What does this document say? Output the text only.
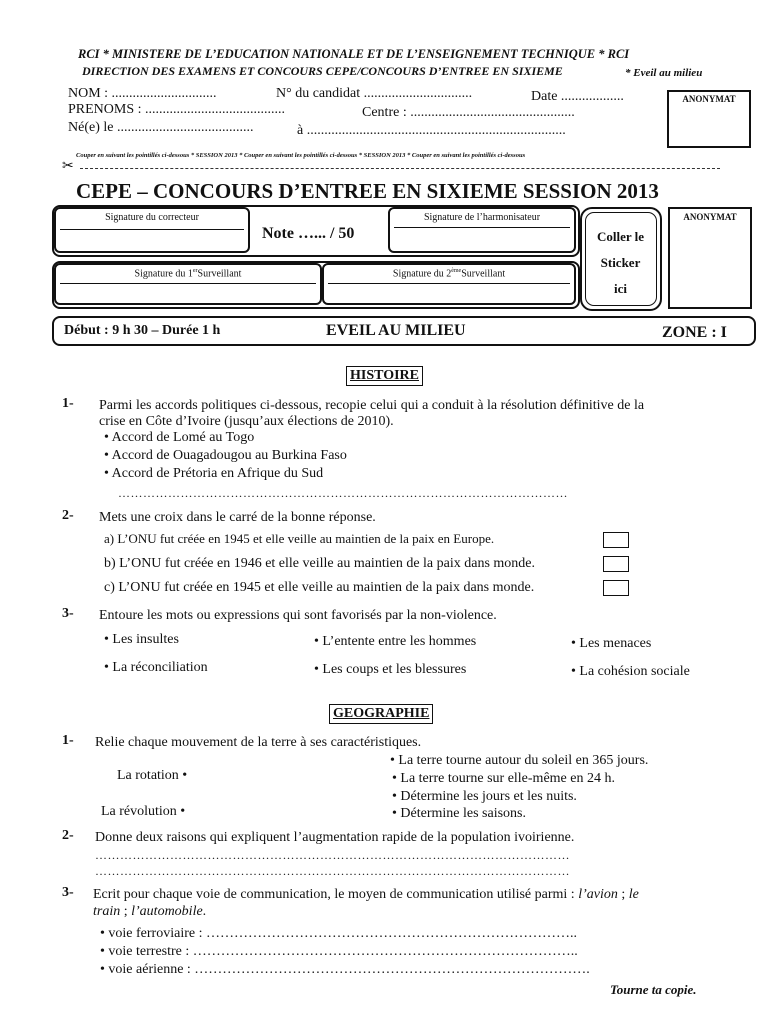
RCI * MINISTERE DE L’EDUCATION NATIONALE ET DE L’ENSEIGNEMENT TECHNIQUE * RCI
DIRECTION DES EXAMENS ET CONCOURS CEPE/CONCOURS D’ENTREE EN SIXIEME	* Eveil au milieu
NOM : ..............................	N° du candidat ...............................	Date ..................
PRENOMS : ........................................	Centre : ...............................................
Né(e) le .......................................	à ..........................................................................
ANONYMAT
Couper en suivant les pointillés ci-dessous * SESSION 2013 * Couper en suivant les pointillés ci-dessous * SESSION 2013 * Couper en suivant les pointillés ci-dessous
✂
CEPE – CONCOURS D’ENTREE EN SIXIEME SESSION 2013
Signature du correcteur
Note …... / 50
Signature de l’harmonisateur
Signature du 1erSurveillant	Signature du 2èmeSurveillant
Coller le
Sticker
ici
ANONYMAT
Début : 9 h 30 – Durée 1 h	EVEIL AU MILIEU	ZONE : I
HISTOIRE
1- Parmi les accords politiques ci-dessous, recopie celui qui a conduit à la résolution définitive de la
crise en Côte d’Ivoire (jusqu’aux élections de 2010).
• Accord de Lomé au Togo
• Accord de Ouagadougou au Burkina Faso
• Accord de Prétoria en Afrique du Sud
………………………………………………………………………………………………
2- Mets une croix dans le carré de la bonne réponse.
a) L’ONU fut créée en 1945 et elle veille au maintien de la paix en Europe.
b) L’ONU fut créée en 1946 et elle veille au maintien de la paix dans monde.
c) L’ONU fut créée en 1945 et elle veille au maintien de la paix dans monde.
3- Entoure les mots ou expressions qui sont favorisés par la non-violence.
• Les insultes	• L’entente entre les hommes	• Les menaces
• La réconciliation	• Les coups et les blessures	• La cohésion sociale
GEOGRAPHIE
1- Relie chaque mouvement de la terre à ses caractéristiques.
• La terre tourne autour du soleil en 365 jours.
La rotation •	• La terre tourne sur elle-même en 24 h.
• Détermine les jours et les nuits.
La révolution •	• Détermine les saisons.
2- Donne deux raisons qui expliquent l’augmentation rapide de la population ivoirienne.
……………………………………………………………………………………………………
……………………………………………………………………………………………………
3- Ecrit pour chaque voie de communication, le moyen de communication utilisé parmi : l’avion ; le
train ; l’automobile.
• voie ferroviaire : ……………………………………………………………………..
• voie terrestre : ………………………………………………………………………..
• voie aérienne : ………………………………………………………………………….
Tourne ta copie.
